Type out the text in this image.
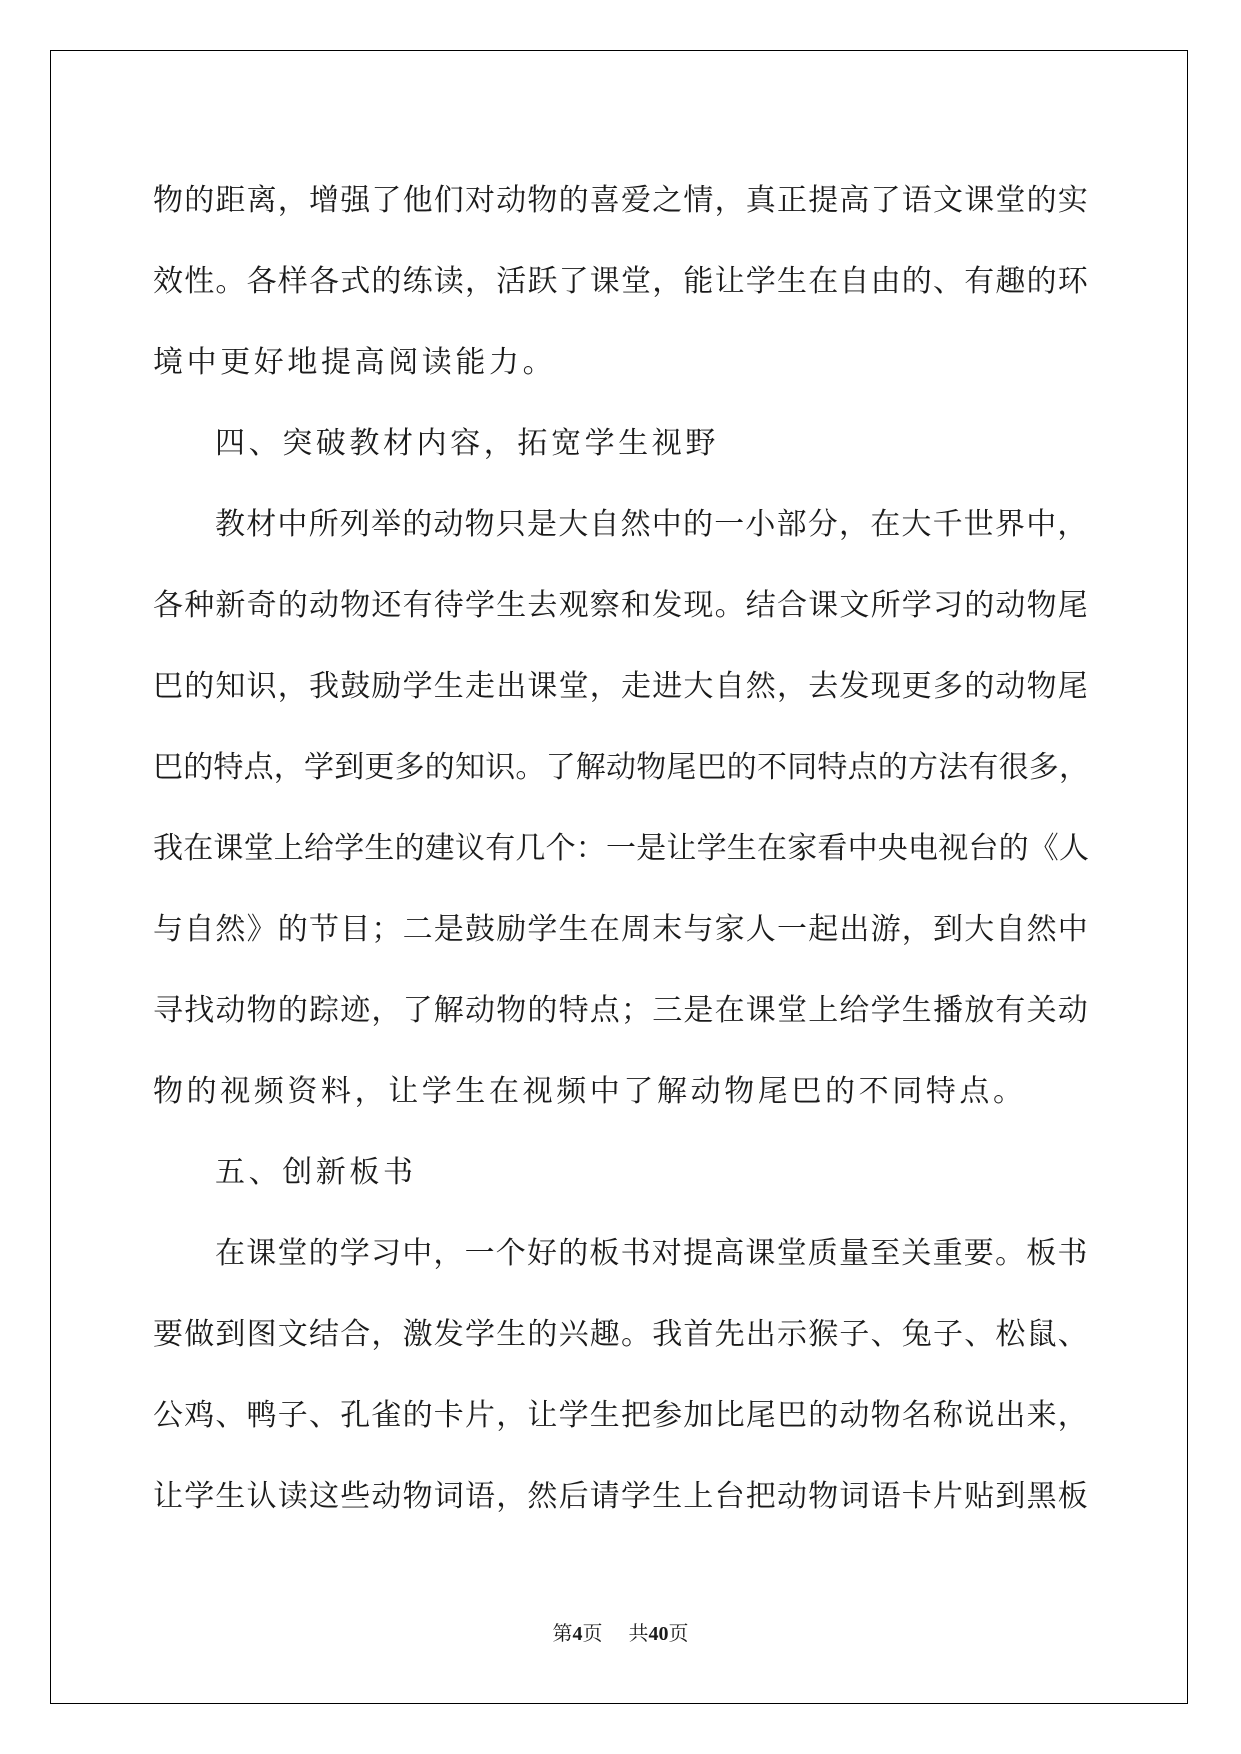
物的距离，增强了他们对动物的喜爱之情，真正提高了语文课堂的实
效性。各样各式的练读，活跃了课堂，能让学生在自由的、有趣的环
境中更好地提高阅读能力。
四、突破教材内容，拓宽学生视野
教材中所列举的动物只是大自然中的一小部分，在大千世界中，
各种新奇的动物还有待学生去观察和发现。结合课文所学习的动物尾
巴的知识，我鼓励学生走出课堂，走进大自然，去发现更多的动物尾
巴的特点，学到更多的知识。了解动物尾巴的不同特点的方法有很多，
我在课堂上给学生的建议有几个：一是让学生在家看中央电视台的《人
与自然》的节目；二是鼓励学生在周末与家人一起出游，到大自然中
寻找动物的踪迹，了解动物的特点；三是在课堂上给学生播放有关动
物的视频资料，让学生在视频中了解动物尾巴的不同特点。
五、创新板书
在课堂的学习中，一个好的板书对提高课堂质量至关重要。板书
要做到图文结合，激发学生的兴趣。我首先出示猴子、兔子、松鼠、
公鸡、鸭子、孔雀的卡片，让学生把参加比尾巴的动物名称说出来，
让学生认读这些动物词语，然后请学生上台把动物词语卡片贴到黑板
第4页 共40页
